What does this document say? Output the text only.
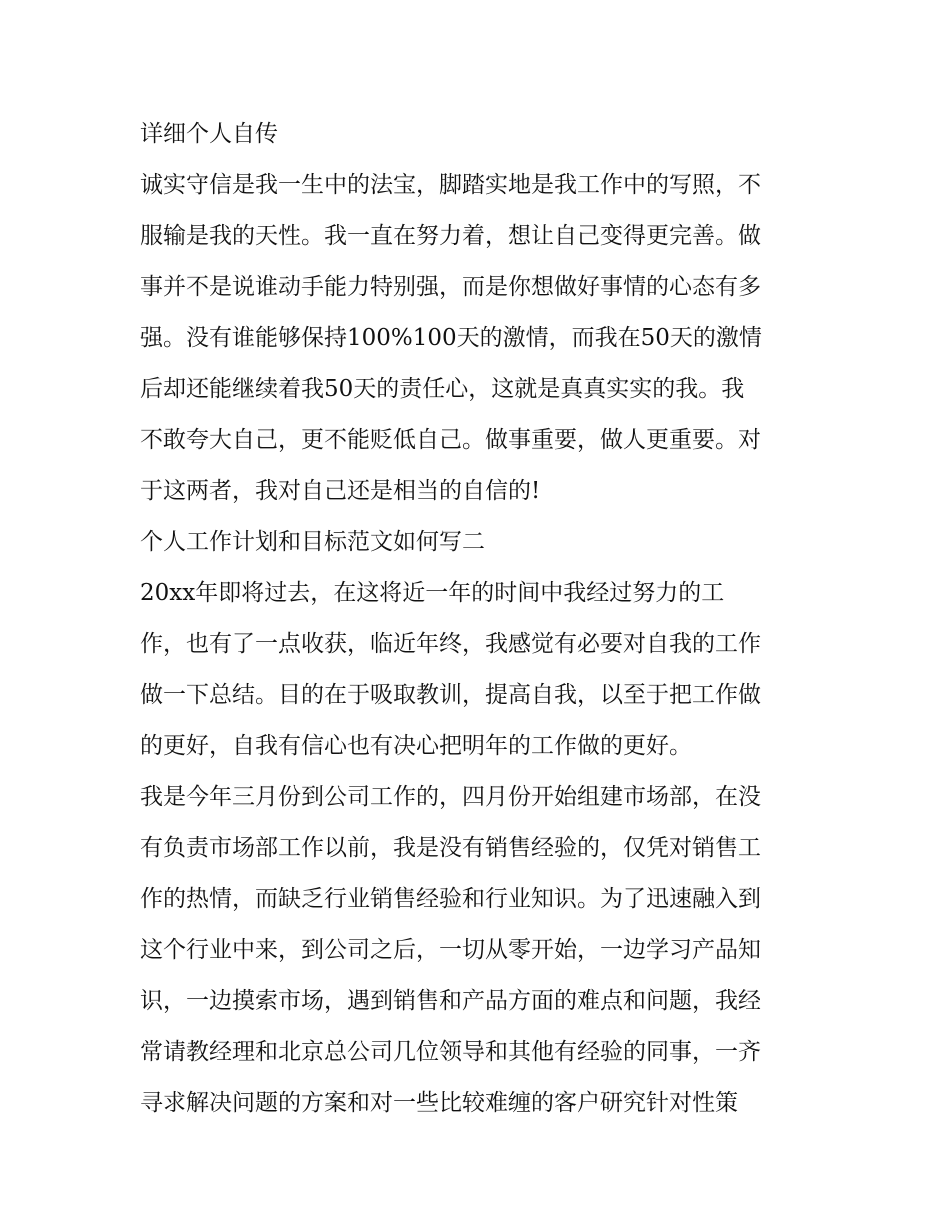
详细个人自传
诚实守信是我一生中的法宝，脚踏实地是我工作中的写照，不
服输是我的天性。我一直在努力着，想让自己变得更完善。做
事并不是说谁动手能力特别强，而是你想做好事情的心态有多
强。没有谁能够保持100%100天的激情，而我在50天的激情
后却还能继续着我50天的责任心，这就是真真实实的我。我
不敢夸大自己，更不能贬低自己。做事重要，做人更重要。对
于这两者，我对自己还是相当的自信的!
个人工作计划和目标范文如何写二
20xx年即将过去，在这将近一年的时间中我经过努力的工
作，也有了一点收获，临近年终，我感觉有必要对自我的工作
做一下总结。目的在于吸取教训，提高自我，以至于把工作做
的更好，自我有信心也有决心把明年的工作做的更好。
我是今年三月份到公司工作的，四月份开始组建市场部，在没
有负责市场部工作以前，我是没有销售经验的，仅凭对销售工
作的热情，而缺乏行业销售经验和行业知识。为了迅速融入到
这个行业中来，到公司之后，一切从零开始，一边学习产品知
识，一边摸索市场，遇到销售和产品方面的难点和问题，我经
常请教经理和北京总公司几位领导和其他有经验的同事，一齐
寻求解决问题的方案和对一些比较难缠的客户研究针对性策
